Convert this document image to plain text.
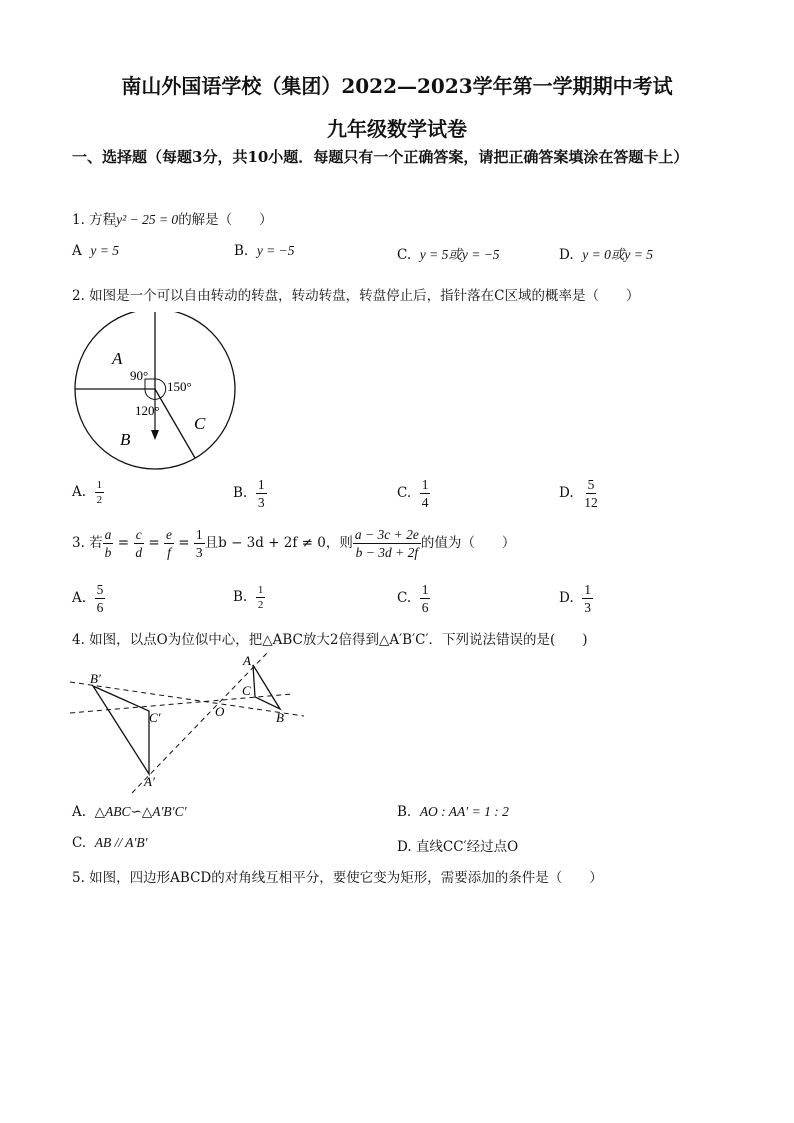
南山外国语学校（集团）2022—2023学年第一学期期中考试
九年级数学试卷
一、选择题（每题3分，共10小题．每题只有一个正确答案，请把正确答案填涂在答题卡上）
1. 方程y² − 25 = 0的解是（　　）
A y = 5	B. y = −5	C. y = 5或y = −5	D. y = 0或y = 5
2. 如图是一个可以自由转动的转盘，转动转盘，转盘停止后，指针落在C区域的概率是（　　）
A
B
C
90°
150°
120°
A. $\frac{1}{2}$	B. $\frac{1}{3}$	C. $\frac{1}{4}$	D. $\frac{5}{12}$
3. 若 $\frac{a}{b} = \frac{c}{d} = \frac{e}{f} = \frac{1}{3}$ 且b − 3d + 2f ≠ 0，则 $\frac{a - 3c + 2e}{b - 3d + 2f}$ 的值为（　　）
A. $\frac{5}{6}$	B. $\frac{1}{2}$	C. $\frac{1}{6}$	D. $\frac{1}{3}$
4. 如图，以点O为位似中心，把△ABC放大2倍得到△A′B′C′．下列说法错误的是(　　)
B′
C′
A′
O
A
C
B
A. △ABC∽△A′B′C′	B. AO : AA′ = 1 : 2
C. AB // A′B′	D. 直线CC′经过点O
5. 如图，四边形ABCD的对角线互相平分，要使它变为矩形，需要添加的条件是（　　）
